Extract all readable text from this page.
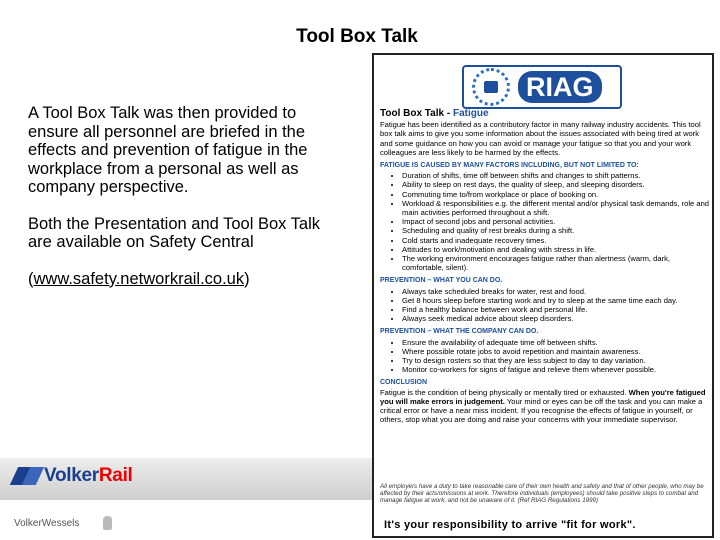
Tool Box Talk

A Tool Box Talk was then provided to ensure all personnel are briefed in the effects and prevention of fatigue in the workplace from a personal as well as company perspective.

Both the Presentation and Tool Box Talk are available on Safety Central

(www.safety.networkrail.co.uk)

VolkerRail
VolkerWessels
RIAG
Tool Box Talk - Fatigue

Fatigue has been identified as a contributory factor in many railway industry accidents. This tool box talk aims to give you some information about the issues associated with being tired at work and some guidance on how you can avoid or manage your fatigue so that you and your work colleagues are less likely to be harmed by the effects.

FATIGUE IS CAUSED BY MANY FACTORS INCLUDING, BUT NOT LIMITED TO:
• Duration of shifts, time off between shifts and changes to shift patterns.
• Ability to sleep on rest days, the quality of sleep, and sleeping disorders.
• Commuting time to/from workplace or place of booking on.
• Workload & responsibilities e.g. the different mental and/or physical task demands, role and main activities performed throughout a shift.
• Impact of second jobs and personal activities.
• Scheduling and quality of rest breaks during a shift.
• Cold starts and inadequate recovery times.
• Attitudes to work/motivation and dealing with stress in life.
• The working environment encourages fatigue rather than alertness (warm, dark, comfortable, silent).
PREVENTION – WHAT YOU CAN DO.
• Always take scheduled breaks for water, rest and food.
• Get 8 hours sleep before starting work and try to sleep at the same time each day.
• Find a healthy balance between work and personal life.
• Always seek medical advice about sleep disorders.
PREVENTION – WHAT THE COMPANY CAN DO.
• Ensure the availability of adequate time off between shifts.
• Where possible rotate jobs to avoid repetition and maintain awareness.
• Try to design rosters so that they are less subject to day to day variation.
• Monitor co-workers for signs of fatigue and relieve them whenever possible.
CONCLUSION

Fatigue is the condition of being physically or mentally tired or exhausted. When you're fatigued you will make errors in judgement. Your mind or eyes can be off the task and you can make a critical error or have a near miss incident. If you recognise the effects of fatigue in yourself, or others, stop what you are doing and raise your concerns with your immediate supervisor.

All employers have a duty to take reasonable care of their own health and safety and that of other people, who may be affected by their acts/omissions at work. Therefore individuals (employees) should take positive steps to combat and manage fatigue at work, and not be unaware of it. (Ref RIAG Regulations 1999)
It's your responsibility to arrive "fit for work".
